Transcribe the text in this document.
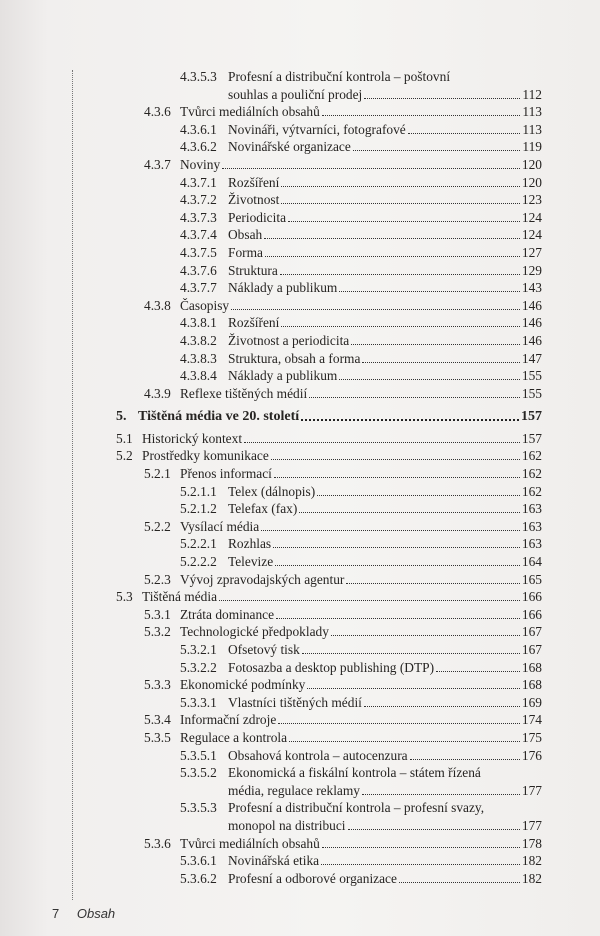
4.3.5.3 Profesní a distribuční kontrola – poštovní
souhlas a pouliční prodej	112
4.3.6 Tvůrci mediálních obsahů	113
4.3.6.1 Novináři, výtvarníci, fotografové	113
4.3.6.2 Novinářské organizace	119
4.3.7 Noviny	120
4.3.7.1 Rozšíření	120
4.3.7.2 Životnost	123
4.3.7.3 Periodicita	124
4.3.7.4 Obsah	124
4.3.7.5 Forma	127
4.3.7.6 Struktura	129
4.3.7.7 Náklady a publikum	143
4.3.8 Časopisy	146
4.3.8.1 Rozšíření	146
4.3.8.2 Životnost a periodicita	146
4.3.8.3 Struktura, obsah a forma	147
4.3.8.4 Náklady a publikum	155
4.3.9 Reflexe tištěných médií	155
5. Tištěná média ve 20. století	157
5.1 Historický kontext	157
5.2 Prostředky komunikace	162
5.2.1 Přenos informací	162
5.2.1.1 Telex (dálnopis)	162
5.2.1.2 Telefax (fax)	163
5.2.2 Vysílací média	163
5.2.2.1 Rozhlas	163
5.2.2.2 Televize	164
5.2.3 Vývoj zpravodajských agentur	165
5.3 Tištěná média	166
5.3.1 Ztráta dominance	166
5.3.2 Technologické předpoklady	167
5.3.2.1 Ofsetový tisk	167
5.3.2.2 Fotosazba a desktop publishing (DTP)	168
5.3.3 Ekonomické podmínky	168
5.3.3.1 Vlastníci tištěných médií	169
5.3.4 Informační zdroje	174
5.3.5 Regulace a kontrola	175
5.3.5.1 Obsahová kontrola – autocenzura	176
5.3.5.2 Ekonomická a fiskální kontrola – státem řízená
média, regulace reklamy	177
5.3.5.3 Profesní a distribuční kontrola – profesní svazy,
monopol na distribuci	177
5.3.6 Tvůrci mediálních obsahů	178
5.3.6.1 Novinářská etika	182
5.3.6.2 Profesní a odborové organizace	182
7 Obsah
